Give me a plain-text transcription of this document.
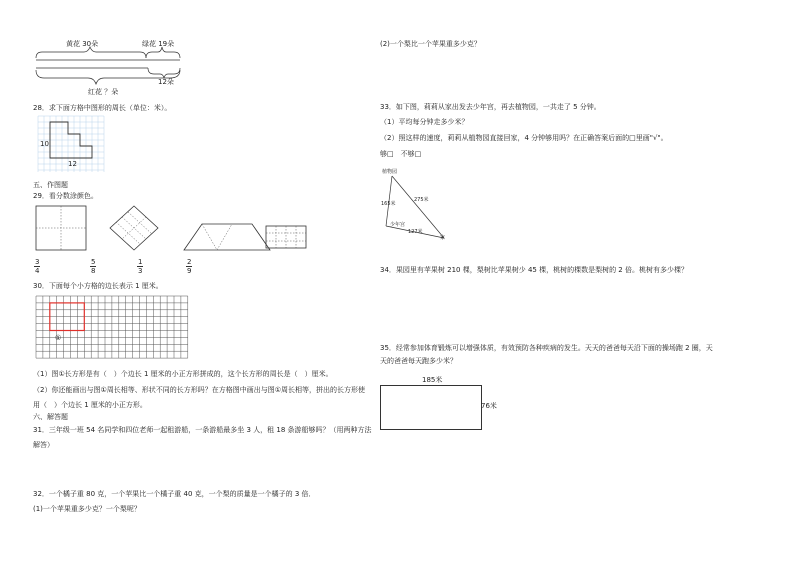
黄花 30朵	绿花 19朵
12朵
红花 ？朵
28．求下面方格中图形的周长（单位：米）。
10
12
五、作图题
29．看分数涂颜色。
3
4
5
8
1
3
2
9
30．下面每个小方格的边长表示 1 厘米。
①
（1）图①长方形是有（　）个边长 1 厘米的小正方形拼成的，这个长方形的周长是（　）厘米。
（2）你还能画出与图①周长相等、形状不同的长方形吗？在方格图中画出与图①周长相等，拼出的长方形使
用（　）个边长 1 厘米的小正方形。
六、解答题
31．三年级一班 54 名同学和四位老师一起租游船，一条游船最多坐 3 人，租 18 条游船够吗？（用两种方法
解答）
32．一个橘子重 80 克，一个苹果比一个橘子重 40 克，一个梨的质量是一个橘子的 3 倍．
(1)一个苹果重多少克？一个梨呢？
(2)一个梨比一个苹果重多少克？
33．如下图，莉莉从家出发去少年宫，再去植物园，一共走了 5 分钟。
（1）平均每分钟走多少米？
（2）照这样的速度，莉莉从植物园直接回家，4 分钟够用吗？在正确答案后面的□里画"√"。
够□　不够□
植物园
165米
275米
少年宫
127米
家
34．果园里有苹果树 210 棵，梨树比苹果树少 45 棵，桃树的棵数是梨树的 2 倍。桃树有多少棵？
35．经常参加体育锻炼可以增强体质，有效预防各种疾病的发生。天天的爸爸每天沿下面的操场跑 2 圈，天
天的爸爸每天跑多少米？
185米
76米
